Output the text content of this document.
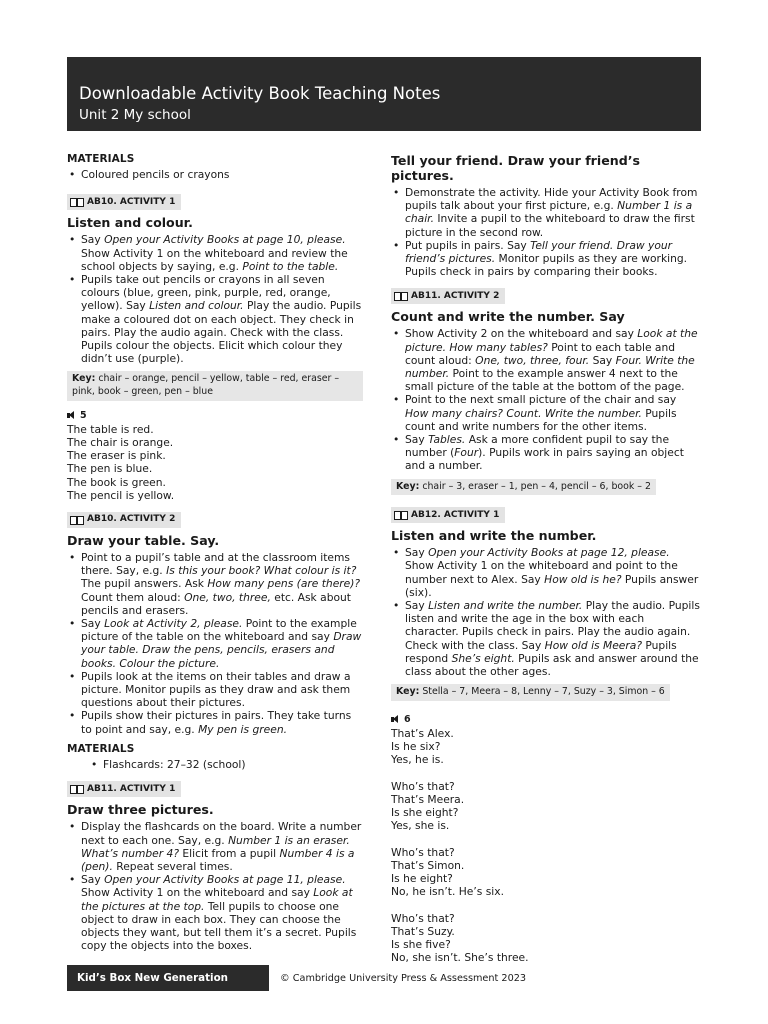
Downloadable Activity Book Teaching Notes
Unit 2 My school
MATERIALS
• Coloured pencils or crayons
AB10. ACTIVITY 1
Listen and colour.
• Say Open your Activity Books at page 10, please. Show Activity 1 on the whiteboard and review the school objects by saying, e.g. Point to the table.
• Pupils take out pencils or crayons in all seven colours (blue, green, pink, purple, red, orange, yellow). Say Listen and colour. Play the audio. Pupils make a coloured dot on each object. They check in pairs. Play the audio again. Check with the class. Pupils colour the objects. Elicit which colour they didn’t use (purple).
Key: chair – orange, pencil – yellow, table – red, eraser – pink, book – green, pen – blue
5
The table is red.
The chair is orange.
The eraser is pink.
The pen is blue.
The book is green.
The pencil is yellow.
AB10. ACTIVITY 2
Draw your table. Say.
• Point to a pupil’s table and at the classroom items there. Say, e.g. Is this your book? What colour is it? The pupil answers. Ask How many pens (are there)? Count them aloud: One, two, three, etc. Ask about pencils and erasers.
• Say Look at Activity 2, please. Point to the example picture of the table on the whiteboard and say Draw your table. Draw the pens, pencils, erasers and books. Colour the picture.
• Pupils look at the items on their tables and draw a picture. Monitor pupils as they draw and ask them questions about their pictures.
• Pupils show their pictures in pairs. They take turns to point and say, e.g. My pen is green.
MATERIALS
• Flashcards: 27–32 (school)
AB11. ACTIVITY 1
Draw three pictures.
• Display the flashcards on the board. Write a number next to each one. Say, e.g. Number 1 is an eraser. What’s number 4? Elicit from a pupil Number 4 is a (pen). Repeat several times.
• Say Open your Activity Books at page 11, please. Show Activity 1 on the whiteboard and say Look at the pictures at the top. Tell pupils to choose one object to draw in each box. They can choose the objects they want, but tell them it’s a secret. Pupils copy the objects into the boxes.
Tell your friend. Draw your friend’s pictures.
• Demonstrate the activity. Hide your Activity Book from pupils talk about your first picture, e.g. Number 1 is a chair. Invite a pupil to the whiteboard to draw the first picture in the second row.
• Put pupils in pairs. Say Tell your friend. Draw your friend’s pictures. Monitor pupils as they are working. Pupils check in pairs by comparing their books.
AB11. ACTIVITY 2
Count and write the number. Say
• Show Activity 2 on the whiteboard and say Look at the picture. How many tables? Point to each table and count aloud: One, two, three, four. Say Four. Write the number. Point to the example answer 4 next to the small picture of the table at the bottom of the page.
• Point to the next small picture of the chair and say How many chairs? Count. Write the number. Pupils count and write numbers for the other items.
• Say Tables. Ask a more confident pupil to say the number (Four). Pupils work in pairs saying an object and a number.
Key: chair – 3, eraser – 1, pen – 4, pencil – 6, book – 2
AB12. ACTIVITY 1
Listen and write the number.
• Say Open your Activity Books at page 12, please. Show Activity 1 on the whiteboard and point to the number next to Alex. Say How old is he? Pupils answer (six).
• Say Listen and write the number. Play the audio. Pupils listen and write the age in the box with each character. Pupils check in pairs. Play the audio again. Check with the class. Say How old is Meera? Pupils respond She’s eight. Pupils ask and answer around the class about the other ages.
Key: Stella – 7, Meera – 8, Lenny – 7, Suzy – 3, Simon – 6
6
That’s Alex.
Is he six?
Yes, he is.
Who’s that?
That’s Meera.
Is she eight?
Yes, she is.
Who’s that?
That’s Simon.
Is he eight?
No, he isn’t. He’s six.
Who’s that?
That’s Suzy.
Is she five?
No, she isn’t. She’s three.
Kid’s Box New Generation Level 1
© Cambridge University Press & Assessment 2023
